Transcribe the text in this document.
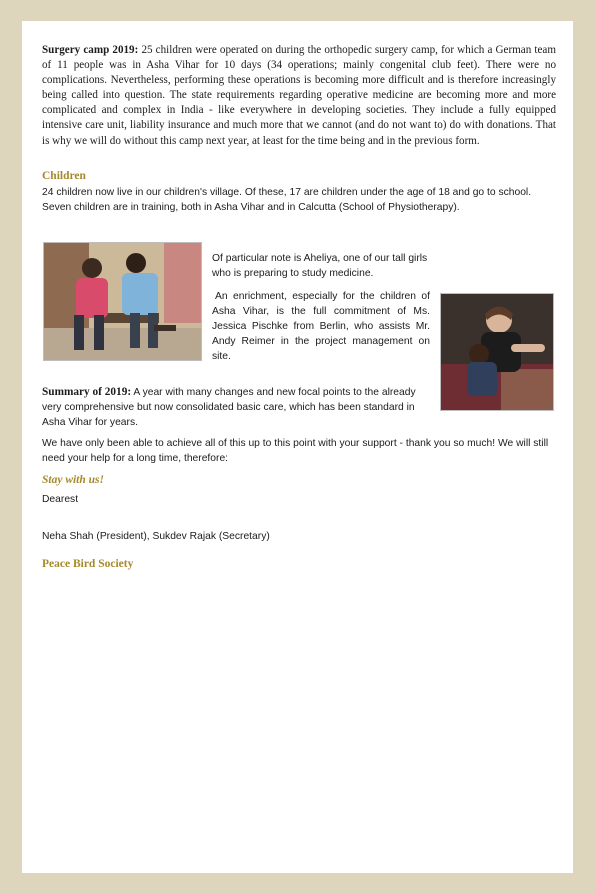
Surgery camp 2019: 25 children were operated on during the orthopedic surgery camp, for which a German team of 11 people was in Asha Vihar for 10 days (34 operations; mainly congenital club feet). There were no complications. Nevertheless, performing these operations is becoming more difficult and is therefore increasingly being called into question. The state requirements regarding operative medicine are becoming more and more complicated and complex in India - like everywhere in developing societies. They include a fully equipped intensive care unit, liability insurance and much more that we cannot (and do not want to) do with donations. That is why we will do without this camp next year, at least for the time being and in the previous form.

Children

24 children now live in our children's village. Of these, 17 are children under the age of 18 and go to school. Seven children are in training, both in Asha Vihar and in Calcutta (School of Physiotherapy).

Of particular note is Aheliya, one of our tall girls who is preparing to study medicine.

An enrichment, especially for the children of Asha Vihar, is the full commitment of Ms. Jessica Pischke from Berlin, who assists Mr. Andy Reimer in the project management on site.

Summary of 2019: A year with many changes and new focal points to the already very comprehensive but now consolidated basic care, which has been standard in Asha Vihar for years.

We have only been able to achieve all of this up to this point with your support - thank you so much! We will still need your help for a long time, therefore:

Stay with us!

Dearest

Neha Shah (President), Sukdev Rajak (Secretary)

Peace Bird Society
